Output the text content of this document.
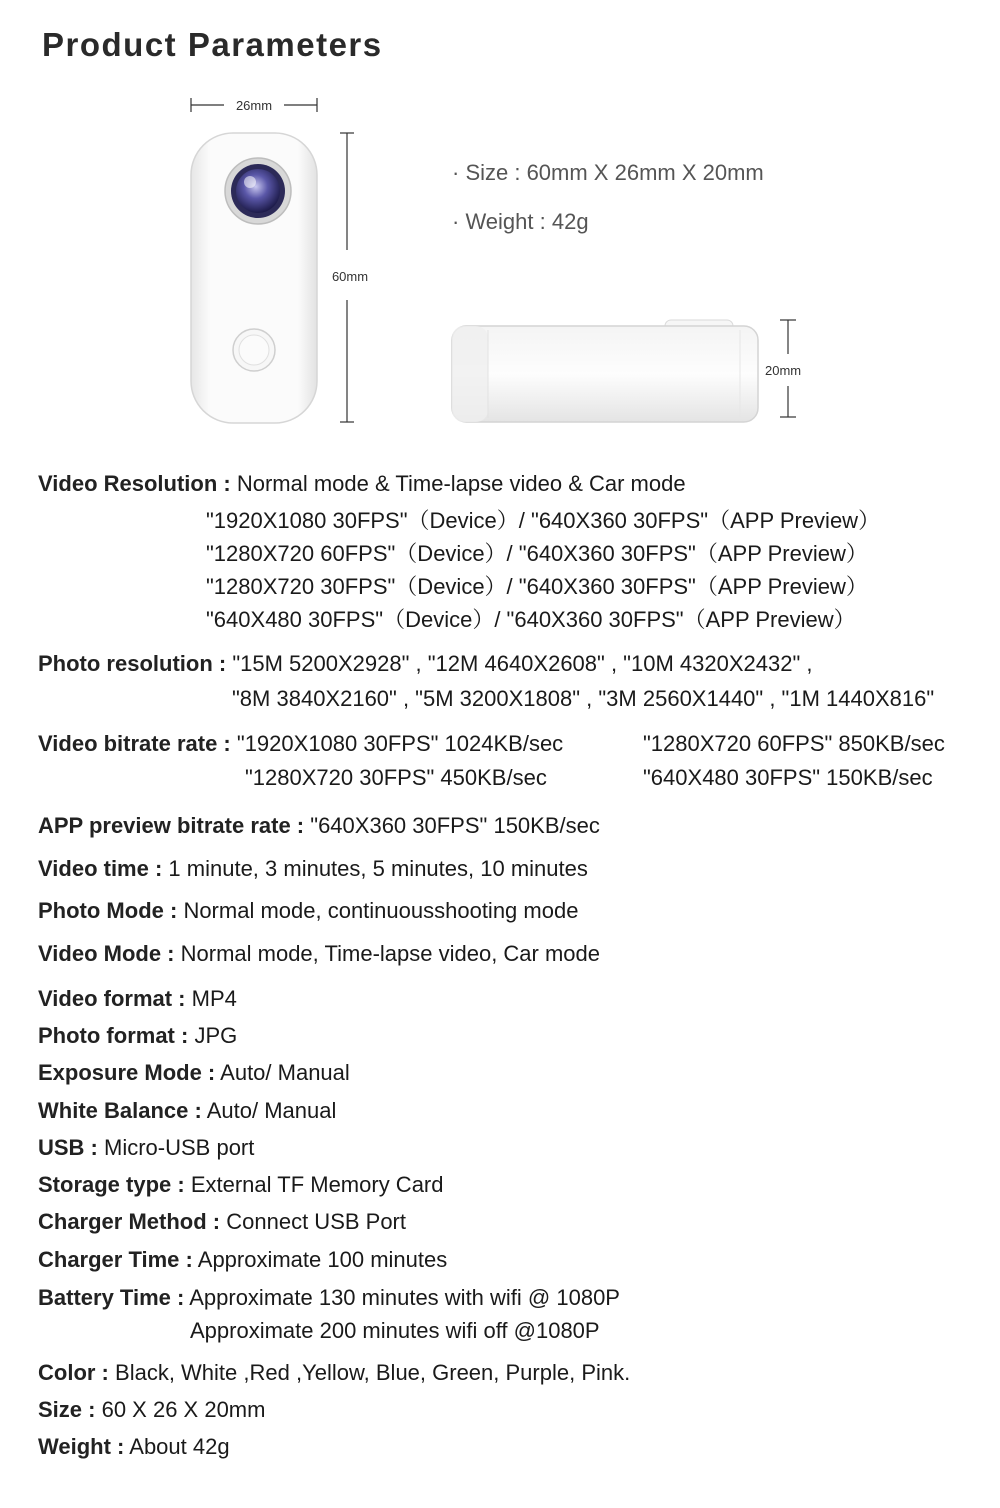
Product Parameters
26mm
60mm
20mm
· Size : 60mm X 26mm X 20mm
· Weight : 42g
Video Resolution : Normal mode & Time-lapse video & Car mode
"1920X1080 30FPS"（Device）/ "640X360 30FPS"（APP Preview）
"1280X720 60FPS"（Device）/ "640X360 30FPS"（APP Preview）
"1280X720 30FPS"（Device）/ "640X360 30FPS"（APP Preview）
"640X480 30FPS"（Device）/ "640X360 30FPS"（APP Preview）
Photo resolution : "15M 5200X2928" , "12M 4640X2608" , "10M 4320X2432" ,
"8M 3840X2160" , "5M 3200X1808" , "3M 2560X1440" , "1M 1440X816"
Video bitrate rate : "1920X1080 30FPS" 1024KB/sec	"1280X720 60FPS" 850KB/sec
"1280X720 30FPS" 450KB/sec	"640X480 30FPS" 150KB/sec
APP preview bitrate rate : "640X360 30FPS" 150KB/sec
Video time : 1 minute, 3 minutes, 5 minutes, 10 minutes
Photo Mode : Normal mode, continuousshooting mode
Video Mode : Normal mode, Time-lapse video, Car mode
Video format : MP4
Photo format : JPG
Exposure Mode : Auto/ Manual
White Balance : Auto/ Manual
USB : Micro-USB port
Storage type : External TF Memory Card
Charger Method : Connect USB Port
Charger Time : Approximate 100 minutes
Battery Time : Approximate 130 minutes with wifi @ 1080P
Approximate 200 minutes wifi off @1080P
Color : Black, White ,Red ,Yellow, Blue, Green, Purple, Pink.
Size : 60 X 26 X 20mm
Weight : About 42g
